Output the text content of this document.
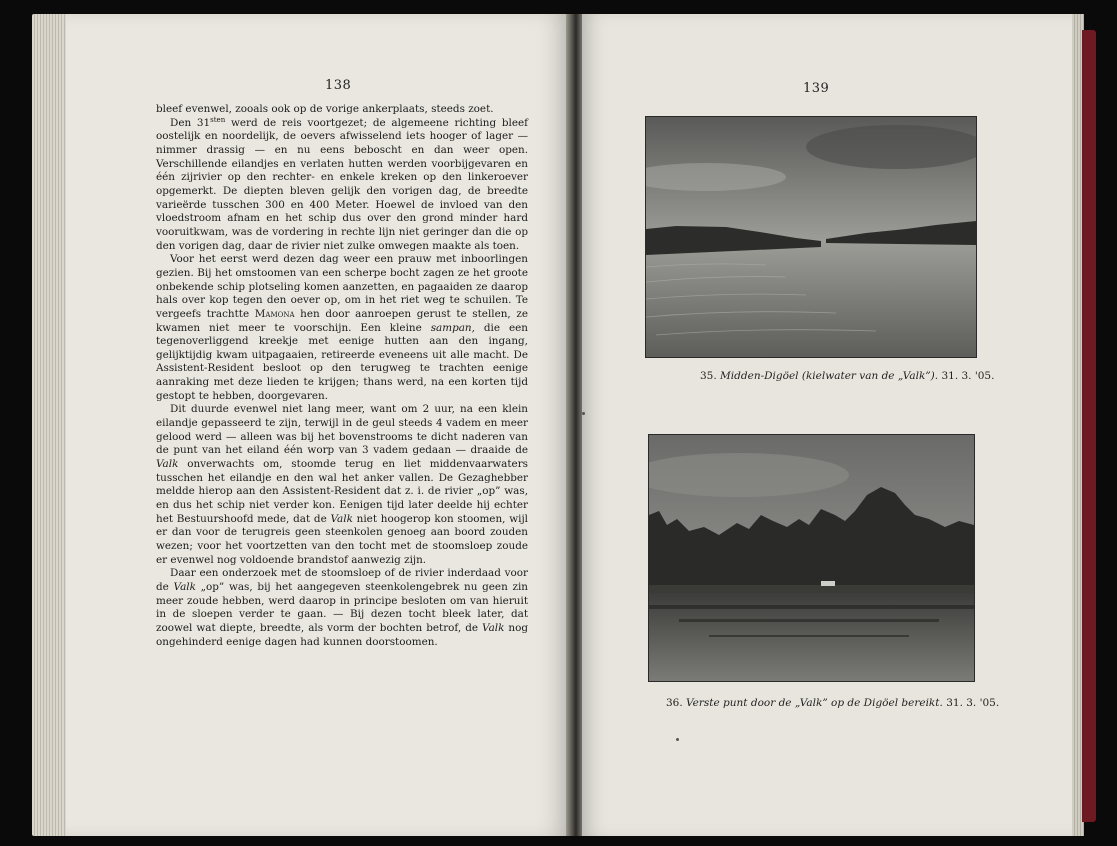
138

bleef evenwel, zooals ook op de vorige ankerplaats, steeds zoet.

Den $31^{sten}$ werd de reis voortgezet; de algemeene richting bleef oostelijk en noordelijk, de oevers afwisselend iets hooger of lager — nimmer drassig — en nu eens beboscht en dan weer open. Verschillende eilandjes en verlaten hutten werden voorbijgevaren en één zijrivier op den rechter- en enkele kreken op den linkeroever opgemerkt. De diepten bleven gelijk den vorigen dag, de breedte varieërde tusschen 300 en 400 Meter. Hoewel de invloed van den vloedstroom afnam en het schip dus over den grond minder hard vooruitkwam, was de vordering in rechte lijn niet geringer dan die op den vorigen dag, daar de rivier niet zulke omwegen maakte als toen.

Voor het eerst werd dezen dag weer een prauw met inboorlingen gezien. Bij het omstoomen van een scherpe bocht zagen ze het groote onbekende schip plotseling komen aanzetten, en pagaaiden ze daarop hals over kop tegen den oever op, om in het riet weg te schuilen. Te vergeefs trachtte Mamona hen door aanroepen gerust te stellen, ze kwamen niet meer te voorschijn. Een kleine sampan, die een tegenoverliggend kreekje met eenige hutten aan den ingang, gelijktijdig kwam uitpagaaien, retireerde eveneens uit alle macht. De Assistent-Resident besloot op den terugweg te trachten eenige aanraking met deze lieden te krijgen; thans werd, na een korten tijd gestopt te hebben, doorgevaren.

Dit duurde evenwel niet lang meer, want om 2 uur, na een klein eilandje gepasseerd te zijn, terwijl in de geul steeds 4 vadem en meer gelood werd — alleen was bij het bovenstrooms te dicht naderen van de punt van het eiland één worp van 3 vadem gedaan — draaide de Valk onverwachts om, stoomde terug en liet middenvaarwaters tusschen het eilandje en den wal het anker vallen. De Gezaghebber meldde hierop aan den Assistent-Resident dat z. i. de rivier „op” was, en dus het schip niet verder kon. Eenigen tijd later deelde hij echter het Bestuurshoofd mede, dat de Valk niet hoogerop kon stoomen, wijl er dan voor de terugreis geen steenkolen genoeg aan boord zouden wezen; voor het voortzetten van den tocht met de stoomsloep zoude er evenwel nog voldoende brandstof aanwezig zijn.

Daar een onderzoek met de stoomsloep of de rivier inderdaad voor de Valk „op” was, bij het aangegeven steenkolengebrek nu geen zin meer zoude hebben, werd daarop in principe besloten om van hieruit in de sloepen verder te gaan. — Bij dezen tocht bleek later, dat zoowel wat diepte, breedte, als vorm der bochten betrof, de Valk nog ongehinderd eenige dagen had kunnen doorstoomen.

139
35. Midden-Digöel (kielwater van de „Valk”). 31. 3. '05.
36. Verste punt door de „Valk” op de Digöel bereikt. 31. 3. '05.
